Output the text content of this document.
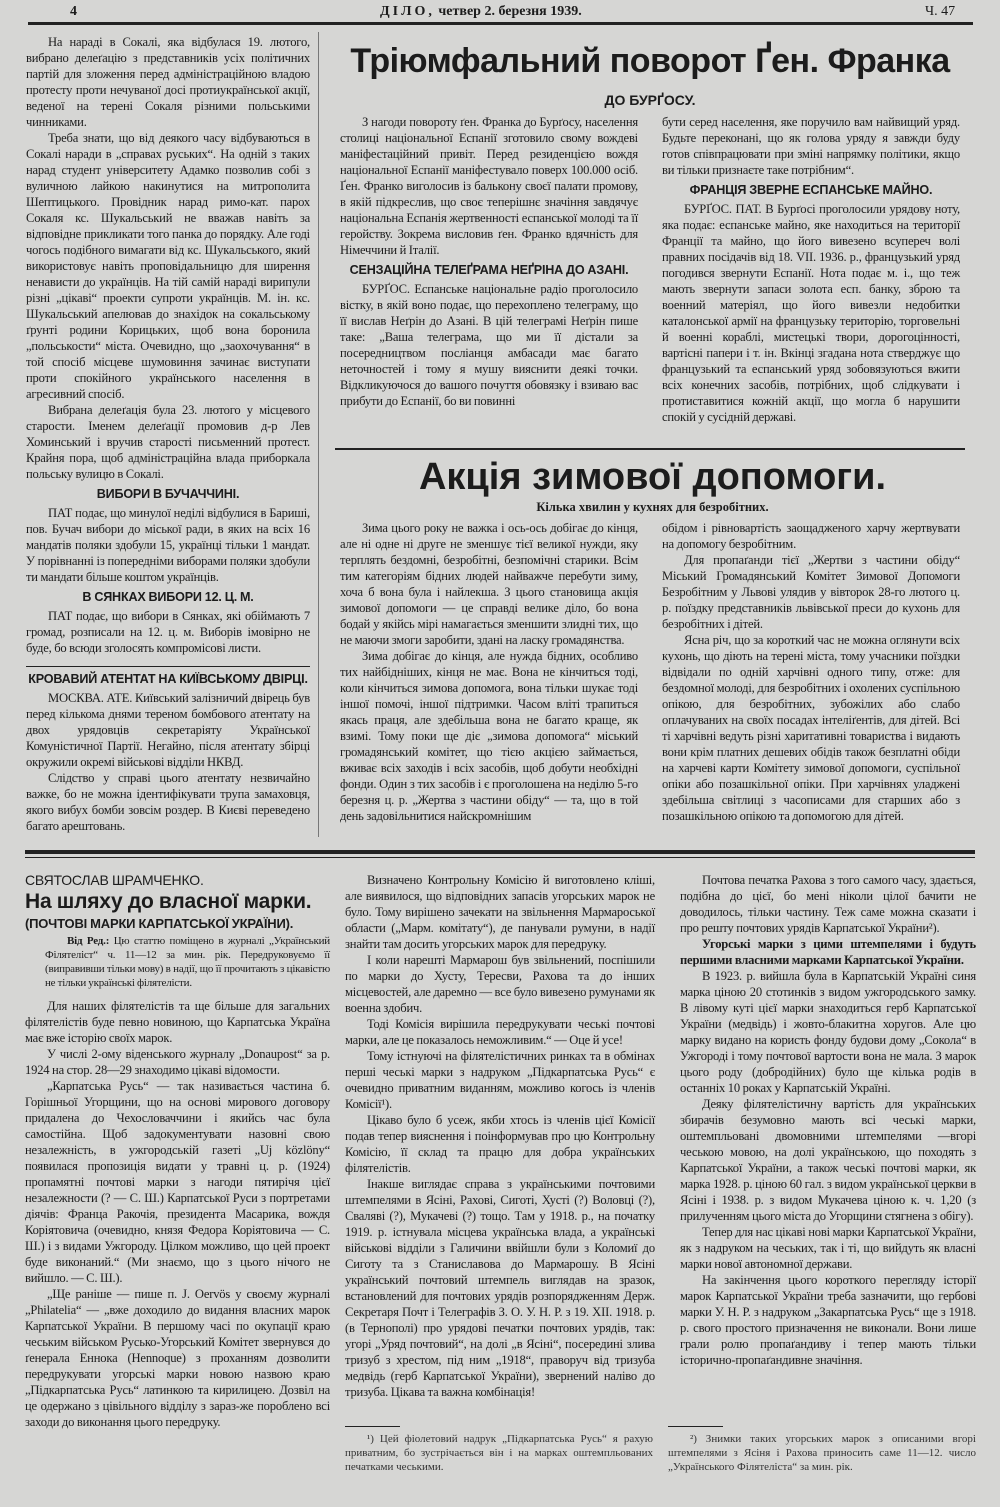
4	ДІЛО, четвер 2. березня 1939.	Ч. 47

На нараді в Сокалі, яка відбулася 19. лютого, вибрано делеґацію з представників усіх політичних партій для зложення перед адміністраційною владою протесту проти нечуваної досі протиукраїнської акції, веденої на терені Сокаля різними польськими чинниками.

Треба знати, що від деякого часу відбуваються в Сокалі наради в „справах руських“. На одній з таких нарад студент університету Адамко позволив собі з вуличною лайкою накинутися на митрополита Шептицького. Провідник нарад римо-кат. парох Сокаля кс. Шукальський не вважав навіть за відповідне прикликати того панка до порядку. Але годі чогось подібного вимагати від кс. Шукальського, який використовує навіть проповідальницю для ширення ненависти до українців. На тій самій нараді вирипули різні „цікаві“ проекти супроти українців. М. ін. кс. Шукальський апелював до знахідок на сокальському ґрунті родини Корицьких, щоб вона боронила „польськости“ міста. Очевидно, що „заохочування“ в той спосіб місцеве шумовиння зачинає виступати проти спокійного українського населення в агресивний спосіб.

Вибрана делеґація була 23. лютого у місцевого старости. Іменем делеґації промовив д-р Лев Хоминський і вручив старості письменний протест. Крайня пора, щоб адміністраційна влада приборкала польську вулицю в Сокалі.

ВИБОРИ В БУЧАЧЧИНІ.

ПАТ подає, що минулої неділі відбулися в Бариші, пов. Бучач вибори до міської ради, в яких на всіх 16 мандатів поляки здобули 15, українці тільки 1 мандат. У порівнанні із попередніми виборами поляки здобули ти мандати більше коштом українців.

В СЯНКАХ ВИБОРИ 12. Ц. М.

ПАТ подає, що вибори в Сянках, які обіймають 7 громад, розписали на 12. ц. м. Виборів імовірно не буде, бо всюди зголосять компромісові листи.

КРОВАВИЙ АТЕНТАТ НА КИЇВСЬКОМУ ДВІРЦІ.

МОСКВА. АТЕ. Київський залізничий двірець був перед кількома днями тереном бомбового атентату на двох урядовців секретаріяту Української Комуністичної Партії. Негайно, після атентату збірці окружили окремі військові відділи НКВД.

Слідство у справі цього атентату незвичайно важке, бо не можна ідентифікувати трупа замаховця, якого вибух бомби зовсім роздер. В Києві переведено багато арештовань.

Тріюмфальний поворот Ґен. Франка
ДО БУРҐОСУ.

З нагоди повороту ґен. Франка до Бурґосу, населення столиці національної Еспанії зготовило свому вождеві маніфестаційний привіт. Перед резиденцією вождя національної Еспанії маніфестувало поверх 100.000 осіб. Ґен. Франко виголосив із балькону своєї палати промову, в якій підкреслив, що своє теперішнє значіння завдячує національна Еспанія жертвенності еспанської молоді та її геройству. Зокрема висловив ґен. Франко вдячність для Німеччини й Італії.

СЕНЗАЦІЙНА ТЕЛЕҐРАМА НЕҐРІНА ДО АЗАНІ.

БУРҐОС. Еспанське національне радіо проголосило вістку, в якій воно подає, що перехоплено телеграму, що її вислав Неґрін до Азані. В цій телеграмі Неґрін пише таке: „Ваша телеграма, що ми її дістали за посередництвом посліанця амбасади має багато неточностей і тому я мушу вияснити деякі точки. Відкликуючося до вашого почуття обовязку і взиваю вас прибути до Еспанії, бо ви повинні

бути серед населення, яке поручило вам найвищий уряд. Будьте переконані, що як голова уряду я завжди буду готов співпрацювати при зміні напрямку політики, якщо ви тільки признаєте таке потрібним“.

ФРАНЦІЯ ЗВЕРНЕ ЕСПАНСЬКЕ МАЙНО.

БУРҐОС. ПАТ. В Бурґосі проголосили урядову ноту, яка подає: еспанське майно, яке находиться на території Франції та майно, що його вивезено всупереч волі правних посідачів від 18. VII. 1936. р., французький уряд погодився звернути Еспанії. Нота подає м. і., що теж мають звернути запаси золота есп. банку, зброю та военний матеріял, що його вивезли недобитки каталонської армії на французьку територію, торговельні й военні кораблі, мистецькі твори, дорогоцінності, вартісні папери і т. ін. Вкінці згадана нота стверджує що французький та еспанський уряд зобовязуються вжити всіх конечних засобів, потрібних, щоб слідкувати і протиставитися кожній акції, що могла б нарушити спокій у сусідній державі.

Акція зимової допомоги.
Кілька хвилин у кухнях для безробітних.

Зима цього року не важка і ось-ось добігає до кінця, але ні одне ні друге не зменшує тієї великої нужди, яку терплять бездомні, безробітні, безпомічні старики. Всім тим категоріям бідних людей найважче перебути зиму, хоча б вона була і найлекша. З цього становища акція зимової допомоги — це справді велике діло, бо вона бодай у якійсь мірі намагається зменшити злидні тих, що не маючи змоги заробити, здані на ласку громадянства.

Зима добігає до кінця, але нужда бідних, особливо тих найбідніших, кінця не має. Вона не кінчиться тоді, коли кінчиться зимова допомога, вона тільки шукає тоді іншої помочі, іншої підтримки. Часом вліті трапиться якась праця, але здебільша вона не багато краще, як взимі. Тому поки ще діє „зимова допомога“ міський громадянський комітет, що тією акцією займається, вживає всіх заходів і всіх засобів, щоб добути необхідні фонди. Один з тих засобів і є проголошена на неділю 5-го березня ц. р. „Жертва з частини обіду“ — та, що в той день задовільнитися найскромнішим

обідом і рівновартість заощадженого харчу жертвувати на допомогу безробітним.

Для пропаґанди тієї „Жертви з частини обіду“ Міський Громадянський Комітет Зимової Допомоги Безробітним у Львові улядив у вівторок 28-го лютого ц. р. поїздку представників львівської преси до кухонь для безробітних і дітей.

Ясна річ, що за короткий час не можна оглянути всіх кухонь, що діють на терені міста, тому учасники поїздки відвідали по одній харчівні одного типу, отже: для бездомної молоді, для безробітних і охолених суспільною опікою, для безробітних, зубожілих або слабо оплачуваних на своїх посадах інтеліґентів, для дітей. Всі ті харчівні ведуть різні харитативні товариства і видають вони крім платних дешевих обідів також безплатні обіди на харчеві карти Комітету зимової допомоги, суспільної опіки або позашкільної опіки. При харчівнях уладжені здебільша світлиці з часописами для старших або з позашкільною опікою та допомогою для дітей.

СВЯТОСЛАВ ШРАМЧЕНКО.
На шляху до власної марки.
(ПОЧТОВІ МАРКИ КАРПАТСЬКОЇ УКРАЇНИ).

Від Ред.: Цю статтю поміщено в журналі „Український Філятеліст“ ч. 11—12 за мин. рік. Передруковуємо її (виправивши тільки мову) в надії, що її прочитають з цікавістю не тільки українські філятелісти.

Для наших філятелістів та ще більше для загальних філятелістів буде певно новиною, що Карпатська Україна має вже історію своїх марок.

У числі 2-ому віденського журналу „Donaupost“ за р. 1924 на стор. 28—29 знаходимо цікаві відомости.

„Карпатська Русь“ — так називається частина б. Горішньої Угорщини, що на основі мирового договору придалена до Чехословаччини і якийсь час була самостійна. Щоб задокументувати назовні свою незалежність, в ужгородській газеті „Uj közlöny“ появилася пропозиція видати у травні ц. р. (1924) пропамятні почтові марки з нагоди пятирічя цієї незалежности (? — С. Ш.) Карпатської Руси з портретами діячів: Франца Ракочія, президента Масарика, вождя Коріятовича (очевидно, князя Федора Коріятовича — С. Ш.) і з видами Ужгороду. Цілком можливо, що цей проект буде виконаний.“ (Ми знаємо, що з цього нічого не вийшло. — С. Ш.).

„Ще раніше — пише п. J. Oervös у своєму журналі „Philatelia“ — „вже доходило до видання власних марок Карпатської України. В першому часі по окупації краю чеським військом Русько-Угорський Комітет звернувся до ґенерала Еннока (Hennoque) з проханням дозволити передрукувати угорські марки новою назвою краю „Підкарпатська Русь“ латинкою та кирилицею. Дозвіл на це одержано з цівільного відділу з зараз-же пороблено всі заходи до виконання цього передруку.

Визначено Контрольну Комісію й виготовлено кліші, але виявилося, що відповідних запасів угорських марок не було. Тому вирішено зачекати на звільнення Мармароської области („Марм. комітату“), де панували румуни, в надії знайти там досить угорських марок для передруку.

І коли нарешті Мармарош був звільнений, поспішили по марки до Хусту, Тересви, Рахова та до інших місцевостей, але даремно — все було вивезено румунами як военна здобич.

Тоді Комісія вирішила передрукувати чеські почтові марки, але це показалось неможливим.“ — Оце й усе!

Тому істнуючі на філятелістичних ринках та в обмінах перші чеські марки з надруком „Підкарпатська Русь“ є очевидно приватним виданням, можливо когось із членів Комісії¹).

Цікаво було б усеж, якби хтось із членів цієї Комісії подав тепер вияснення і поінформував про цю Контрольну Комісію, її склад та працю для добра українських філятелістів.

Інакше виглядає справа з українськими почтовими штемпелями в Ясіні, Рахові, Сиготі, Хусті (?) Воловці (?), Сваляві (?), Мукачеві (?) тощо. Там у 1918. р., на початку 1919. р. істнувала місцева українська влада, а українські військові відділи з Галичини ввійшли були з Коломиї до Сиготу та з Станиславова до Мармарошу. В Ясіні український почтовий штемпель виглядав на зразок, встановлений для почтових урядів розпорядженням Держ. Секретаря Почт і Телеграфів З. О. У. Н. Р. з 19. ХІІ. 1918. р. (в Тернополі) про урядові печатки почтових урядів, так: угорі „Уряд почтовий“, на долі „в Ясіні“, посередині злива тризуб з хрестом, під ним „1918“, праворуч від тризуба медвідь (герб Карпатської України), звернений наліво до тризуба. Цікава та важна комбінація!

Почтова печатка Рахова з того самого часу, здається, подібна до цієї, бо мені ніколи цілої бачити не доводилось, тільки частину. Теж саме можна сказати і про решту почтових урядів Карпатської України²).

Угорські марки з цими штемпелями і будуть першими власними марками Карпатської України.

В 1923. р. вийшла була в Карпатській Україні синя марка ціною 20 стотинків з видом ужгородського замку. В лівому куті цієї марки знаходиться герб Карпатської України (медвідь) і жовто-блакитна хоругов. Але цю марку видано на користь фонду будови дому „Сокола“ в Ужгороді і тому почтової вартости вона не мала. З марок цього роду (добродійних) було ще кілька родів в останніх 10 роках у Карпатській Україні.

Деяку філятелістичну вартість для українських збирачів безумовно мають всі чеські марки, оштемпльовані двомовними штемпелями —вгорі чеською мовою, на долі українською, що походять з Карпатської України, а також чеські почтові марки, як марка 1928. р. ціною 60 гал. з видом української церкви в Ясіні і 1938. р. з видом Мукачева ціною к. ч. 1,20 (з прилученням цього міста до Угорщини стягнена з обігу).

Тепер для нас цікаві нові марки Карпатської України, як з надруком на чеських, так і ті, що вийдуть як власні марки нової автономної держави.

На закінчення цього короткого перегляду історії марок Карпатської України треба зазначити, що гербові марки У. Н. Р. з надруком „Закарпатська Русь“ ще з 1918. р. свого простого призначення не виконали. Вони лише грали ролю пропаґандиву і тепер мають тільки історично-пропаґандивне значіння.

¹) Цей фіолетовий надрук „Підкарпатська Русь“ я рахую приватним, бо зустрічається він і на марках оштемпльованих печатками чеськими.

²) Знимки таких угорських марок з описаними вгорі штемпелями з Ясіня і Рахова приносить саме 11—12. число „Українського Філятеліста“ за мин. рік.
